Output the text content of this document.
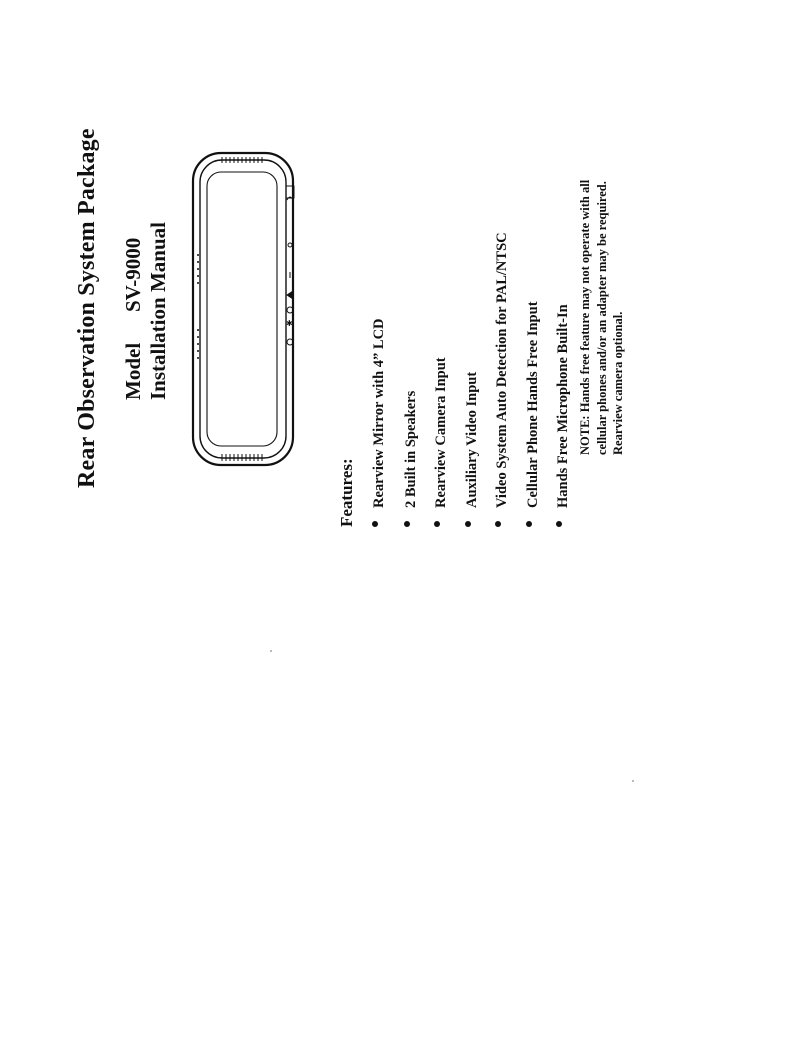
Rear Observation System Package Model
SV-9000 Installation Manual	✱
Features: Rearview Mirror with 4” LCD 2 Built in Speakers Rearview Camera Input Auxiliary Video Input Video System Auto Detection for PAL/NTSC Cellular Phone Hands Free Input Hands Free Microphone Built-In NOTE: Hands free feature may not operate with all cellular phones and/or an adapter may be required. Rearview camera optional.
